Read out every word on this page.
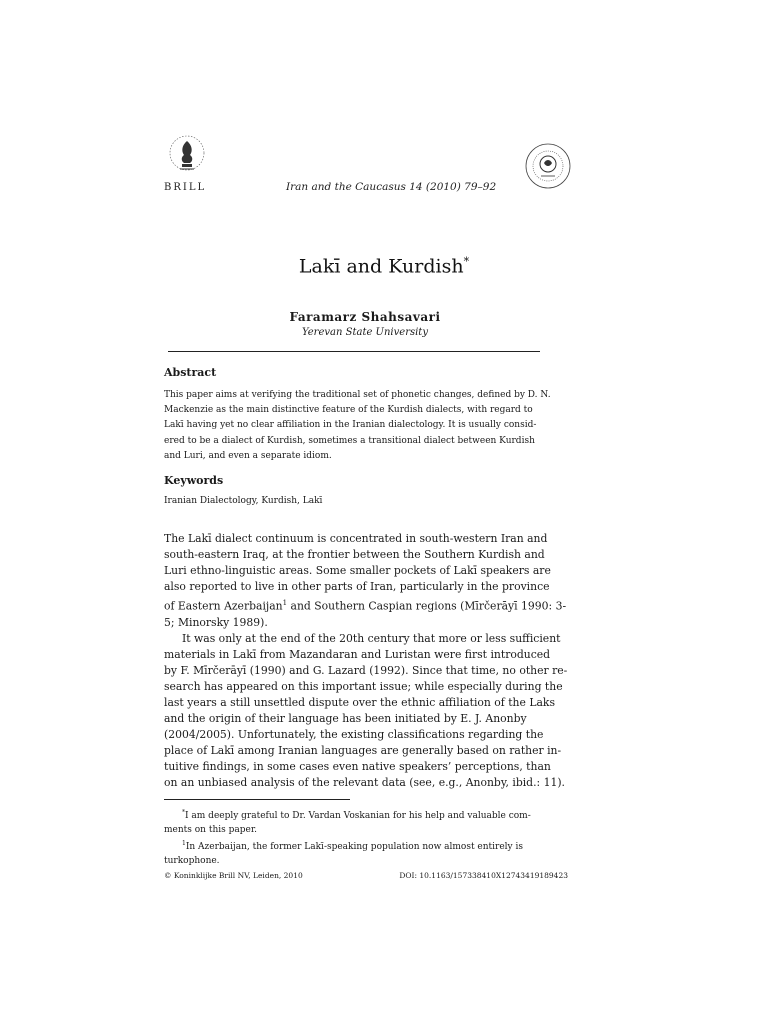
BRILL	Iran and the Caucasus 14 (2010) 79–92
Lakī and Kurdish*
Faramarz Shahsavari
Yerevan State University
Abstract
This paper aims at verifying the traditional set of phonetic changes, defined by D. N.
Mackenzie as the main distinctive feature of the Kurdish dialects, with regard to
Lakī having yet no clear affiliation in the Iranian dialectology. It is usually consid-
ered to be a dialect of Kurdish, sometimes a transitional dialect between Kurdish
and Luri, and even a separate idiom.
Keywords
Iranian Dialectology, Kurdish, Lakī

The Lakī dialect continuum is concentrated in south-western Iran and
south-eastern Iraq, at the frontier between the Southern Kurdish and
Luri ethno-linguistic areas. Some smaller pockets of Lakī speakers are
also reported to live in other parts of Iran, particularly in the province
of Eastern Azerbaijan$^1$ and Southern Caspian regions (Mīrčerāyī 1990: 3-
5; Minorsky 1989).

It was only at the end of the 20th century that more or less sufficient
materials in Lakī from Mazandaran and Luristan were first introduced
by F. Mīrčerāyī (1990) and G. Lazard (1992). Since that time, no other re-
search has appeared on this important issue; while especially during the
last years a still unsettled dispute over the ethnic affiliation of the Laks
and the origin of their language has been initiated by E. J. Anonby
(2004/2005). Unfortunately, the existing classifications regarding the
place of Lakī among Iranian languages are generally based on rather in-
tuitive findings, in some cases even native speakers’ perceptions, than
on an unbiased analysis of the relevant data (see, e.g., Anonby, ibid.: 11).

*I am deeply grateful to Dr. Vardan Voskanian for his help and valuable com-
ments on this paper.

$^1$In Azerbaijan, the former Lakī-speaking population now almost entirely is
turkophone.

© Koninklijke Brill NV, Leiden, 2010	DOI: 10.1163/157338410X12743419189423
